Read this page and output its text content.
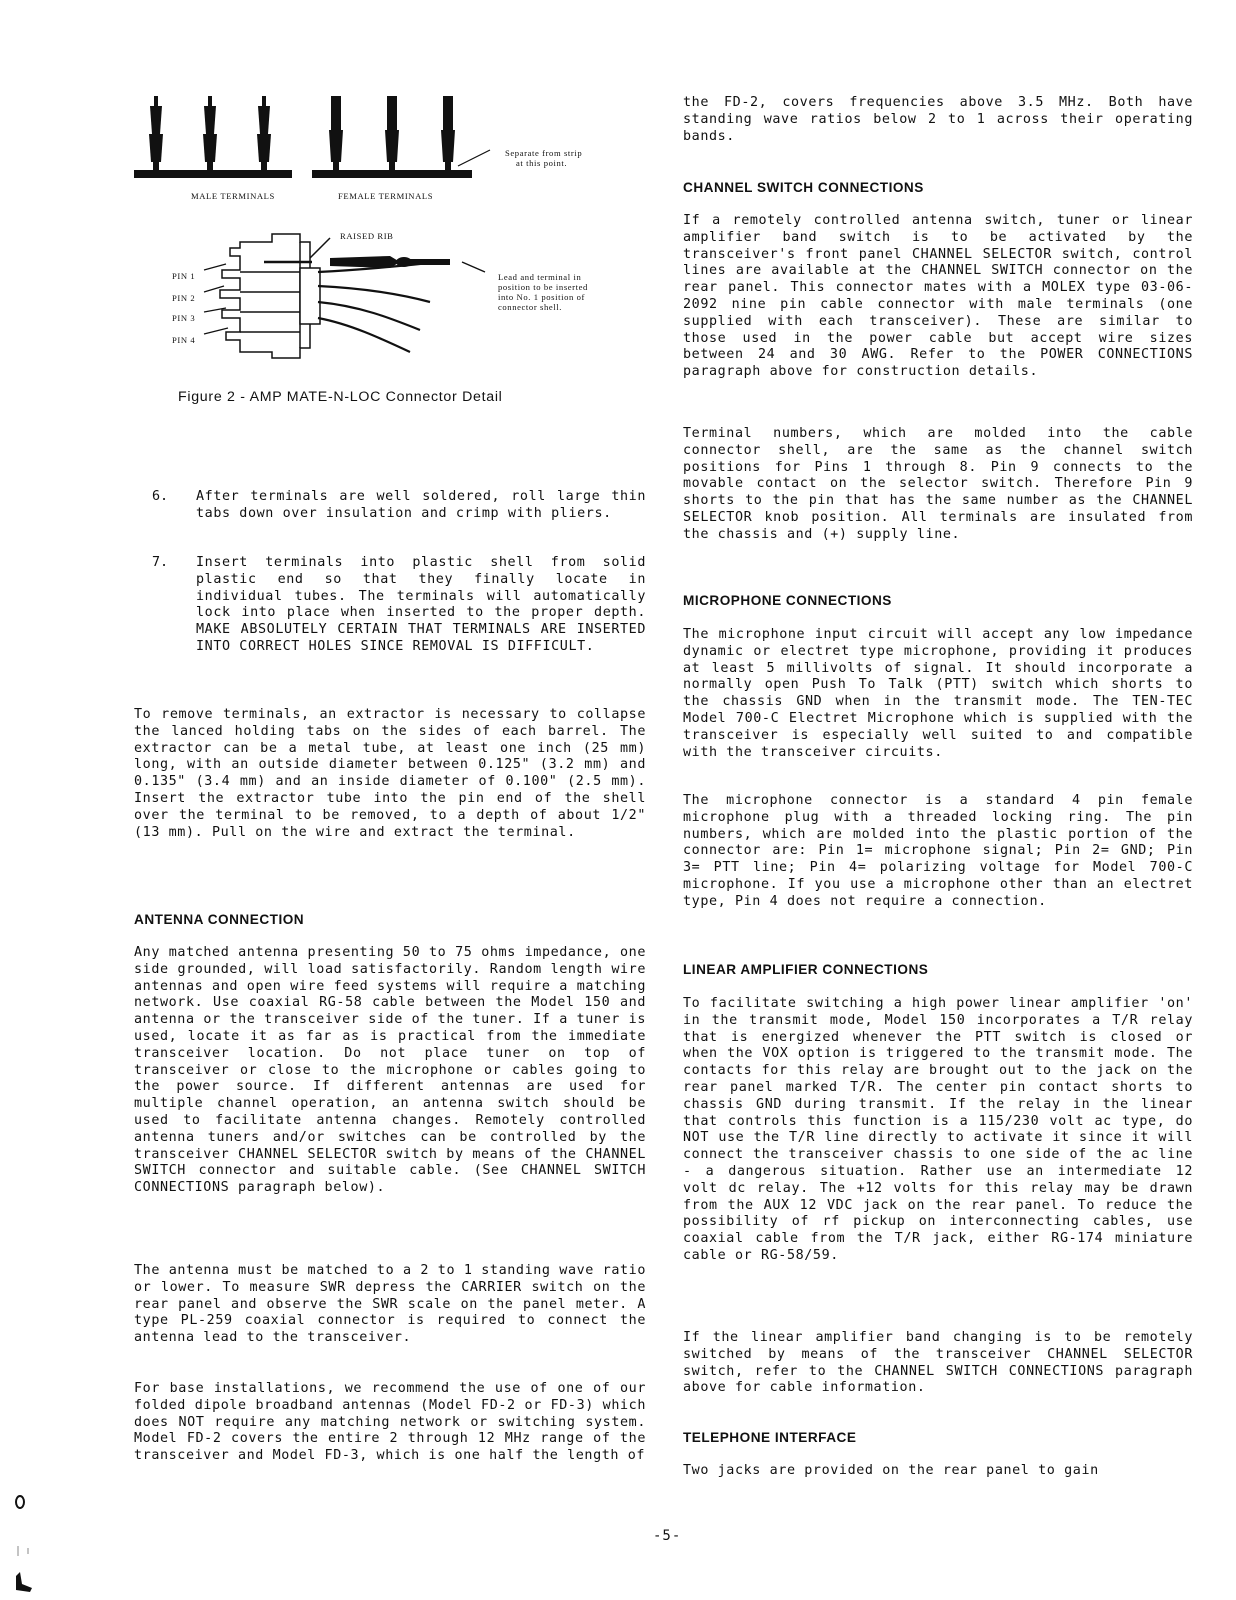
MALE TERMINALS	FEMALE TERMINALS
Separate from strip
at this point.
RAISED RIB
Lead and terminal in
position to be inserted
into No. 1 position of
connector shell.
PIN 1
PIN 2
PIN 3
PIN 4
Figure 2 - AMP MATE-N-LOC Connector Detail
6. After terminals are well soldered, roll large thin tabs down over insulation and crimp with pliers.

7. Insert terminals into plastic shell from solid plastic end so that they finally locate in individual tubes. The terminals will automatically lock into place when inserted to the proper depth. MAKE ABSOLUTELY CERTAIN THAT TERMINALS ARE INSERTED INTO CORRECT HOLES SINCE REMOVAL IS DIFFICULT.

To remove terminals, an extractor is necessary to collapse the lanced holding tabs on the sides of each barrel. The extractor can be a metal tube, at least one inch (25 mm) long, with an outside diameter between 0.125" (3.2 mm) and 0.135" (3.4 mm) and an inside diameter of 0.100" (2.5 mm). Insert the extractor tube into the pin end of the shell over the terminal to be removed, to a depth of about 1/2" (13 mm). Pull on the wire and extract the terminal.

ANTENNA CONNECTION

Any matched antenna presenting 50 to 75 ohms impedance, one side grounded, will load satisfactorily. Random length wire antennas and open wire feed systems will require a matching network. Use coaxial RG-58 cable between the Model 150 and antenna or the transceiver side of the tuner. If a tuner is used, locate it as far as is practical from the immediate transceiver location. Do not place tuner on top of transceiver or close to the microphone or cables going to the power source. If different antennas are used for multiple channel operation, an antenna switch should be used to facilitate antenna changes. Remotely controlled antenna tuners and/or switches can be controlled by the transceiver CHANNEL SELECTOR switch by means of the CHANNEL SWITCH connector and suitable cable. (See CHANNEL SWITCH CONNECTIONS paragraph below).

The antenna must be matched to a 2 to 1 standing wave ratio or lower. To measure SWR depress the CARRIER switch on the rear panel and observe the SWR scale on the panel meter. A type PL-259 coaxial connector is required to connect the antenna lead to the transceiver.

For base installations, we recommend the use of one of our folded dipole broadband antennas (Model FD-2 or FD-3) which does NOT require any matching network or switching system. Model FD-2 covers the entire 2 through 12 MHz range of the transceiver and Model FD-3, which is one half the length of

the FD-2, covers frequencies above 3.5 MHz. Both have standing wave ratios below 2 to 1 across their operating bands.

CHANNEL SWITCH CONNECTIONS

If a remotely controlled antenna switch, tuner or linear amplifier band switch is to be activated by the transceiver's front panel CHANNEL SELECTOR switch, control lines are available at the CHANNEL SWITCH connector on the rear panel. This connector mates with a MOLEX type 03-06-2092 nine pin cable connector with male terminals (one supplied with each transceiver). These are similar to those used in the power cable but accept wire sizes between 24 and 30 AWG. Refer to the POWER CONNECTIONS paragraph above for construction details.

Terminal numbers, which are molded into the cable connector shell, are the same as the channel switch positions for Pins 1 through 8. Pin 9 connects to the movable contact on the selector switch. Therefore Pin 9 shorts to the pin that has the same number as the CHANNEL SELECTOR knob position. All terminals are insulated from the chassis and (+) supply line.

MICROPHONE CONNECTIONS

The microphone input circuit will accept any low impedance dynamic or electret type microphone, providing it produces at least 5 millivolts of signal. It should incorporate a normally open Push To Talk (PTT) switch which shorts to the chassis GND when in the transmit mode. The TEN-TEC Model 700-C Electret Microphone which is supplied with the transceiver is especially well suited to and compatible with the transceiver circuits.

The microphone connector is a standard 4 pin female microphone plug with a threaded locking ring. The pin numbers, which are molded into the plastic portion of the connector are: Pin 1= microphone signal; Pin 2= GND; Pin 3= PTT line; Pin 4= polarizing voltage for Model 700-C microphone. If you use a microphone other than an electret type, Pin 4 does not require a connection.

LINEAR AMPLIFIER CONNECTIONS

To facilitate switching a high power linear amplifier 'on' in the transmit mode, Model 150 incorporates a T/R relay that is energized whenever the PTT switch is closed or when the VOX option is triggered to the transmit mode. The contacts for this relay are brought out to the jack on the rear panel marked T/R. The center pin contact shorts to chassis GND during transmit. If the relay in the linear that controls this function is a 115/230 volt ac type, do NOT use the T/R line directly to activate it since it will connect the transceiver chassis to one side of the ac line - a dangerous situation. Rather use an intermediate 12 volt dc relay. The +12 volts for this relay may be drawn from the AUX 12 VDC jack on the rear panel. To reduce the possibility of rf pickup on interconnecting cables, use coaxial cable from the T/R jack, either RG-174 miniature cable or RG-58/59.

If the linear amplifier band changing is to be remotely switched by means of the transceiver CHANNEL SELECTOR switch, refer to the CHANNEL SWITCH CONNECTIONS paragraph above for cable information.

TELEPHONE INTERFACE

Two jacks are provided on the rear panel to gain

-5-
